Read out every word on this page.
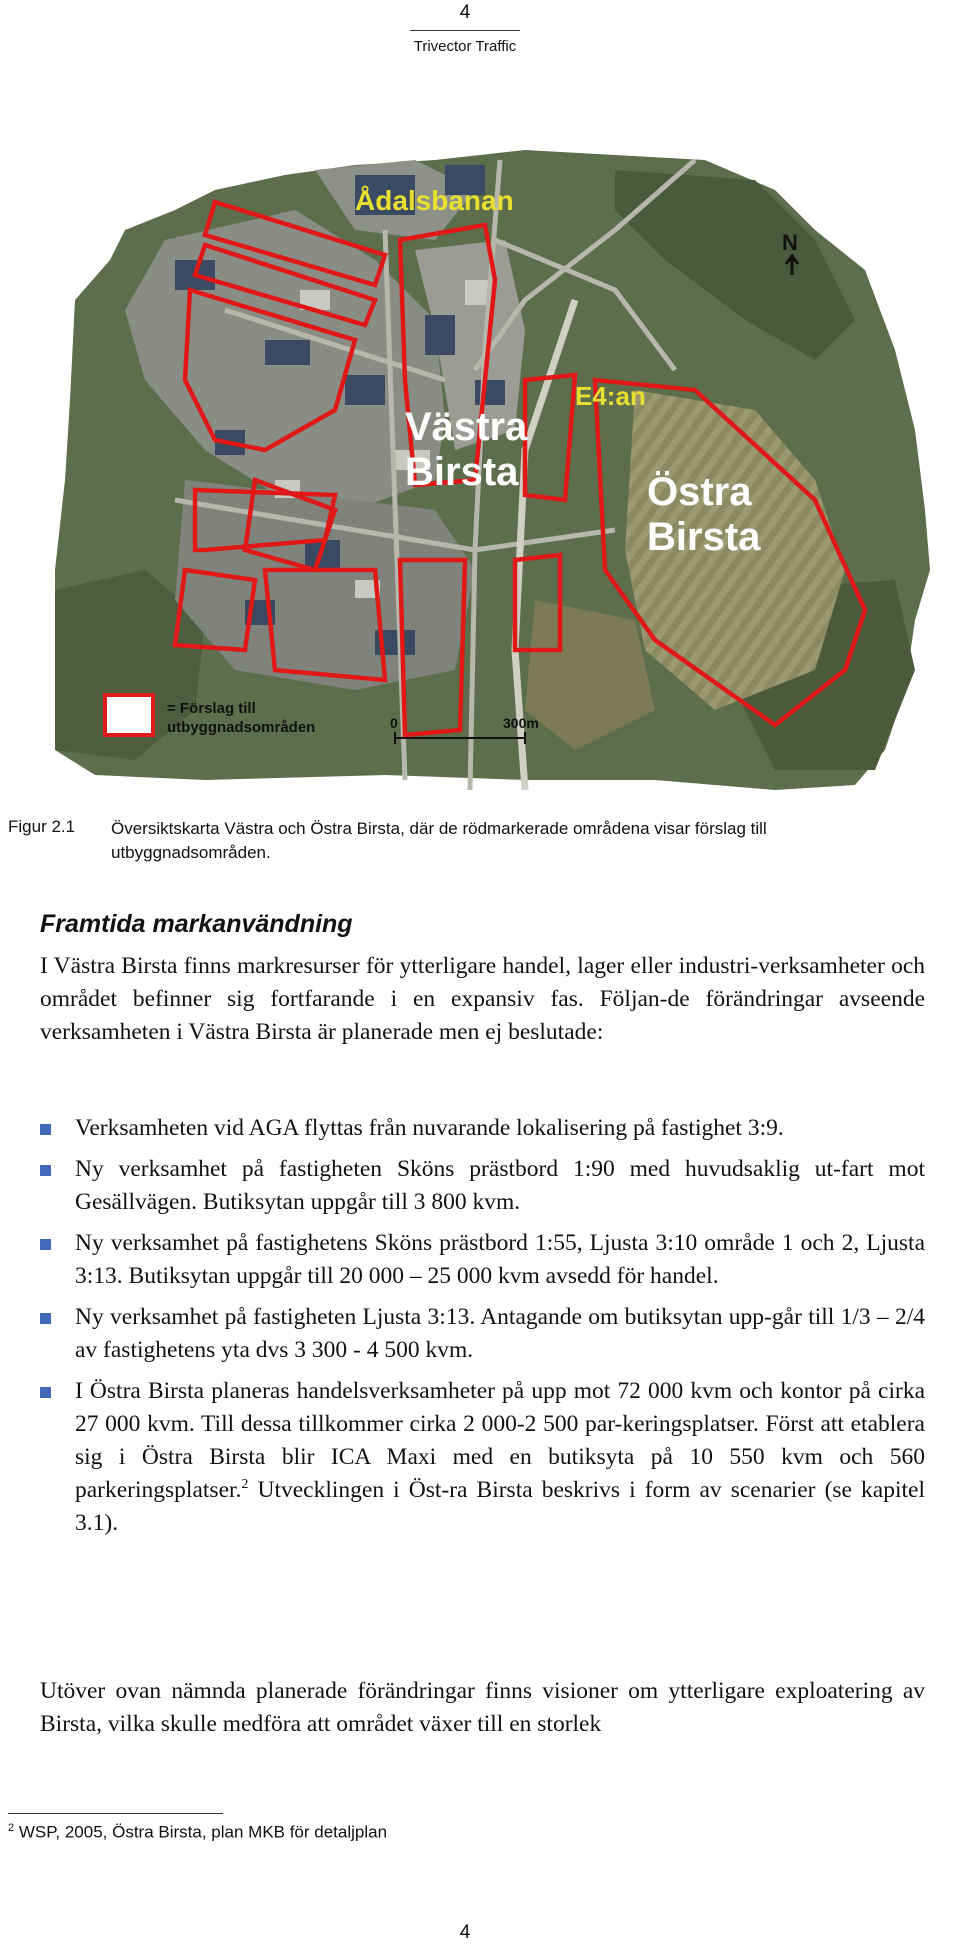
4
Trivector Traffic
Ådalsbanan
E4:an
Västra
Birsta	Östra
Birsta
N
= Förslag till
utbyggnadsområden	0	300m
Figur 2.1 Översiktskarta Västra och Östra Birsta, där de rödmarkerade områdena visar förslag till utbyggnadsområden.
Framtida markanvändning
I Västra Birsta finns markresurser för ytterligare handel, lager eller industri-verksamheter och området befinner sig fortfarande i en expansiv fas. Följan-de förändringar avseende verksamheten i Västra Birsta är planerade men ej beslutade:
Verksamheten vid AGA flyttas från nuvarande lokalisering på fastighet 3:9.
Ny verksamhet på fastigheten Sköns prästbord 1:90 med huvudsaklig ut-fart mot Gesällvägen. Butiksytan uppgår till 3 800 kvm.
Ny verksamhet på fastighetens Sköns prästbord 1:55, Ljusta 3:10 område 1 och 2, Ljusta 3:13. Butiksytan uppgår till 20 000 – 25 000 kvm avsedd för handel.
Ny verksamhet på fastigheten Ljusta 3:13. Antagande om butiksytan upp-går till 1/3 – 2/4 av fastighetens yta dvs 3 300 - 4 500 kvm.
I Östra Birsta planeras handelsverksamheter på upp mot 72 000 kvm och kontor på cirka 27 000 kvm. Till dessa tillkommer cirka 2 000-2 500 par-keringsplatser. Först att etablera sig i Östra Birsta blir ICA Maxi med en butiksyta på 10 550 kvm och 560 parkeringsplatser.$^2$ Utvecklingen i Öst-ra Birsta beskrivs i form av scenarier (se kapitel 3.1).
Utöver ovan nämnda planerade förändringar finns visioner om ytterligare exploatering av Birsta, vilka skulle medföra att området växer till en storlek
$^2$ WSP, 2005, Östra Birsta, plan MKB för detaljplan
4
